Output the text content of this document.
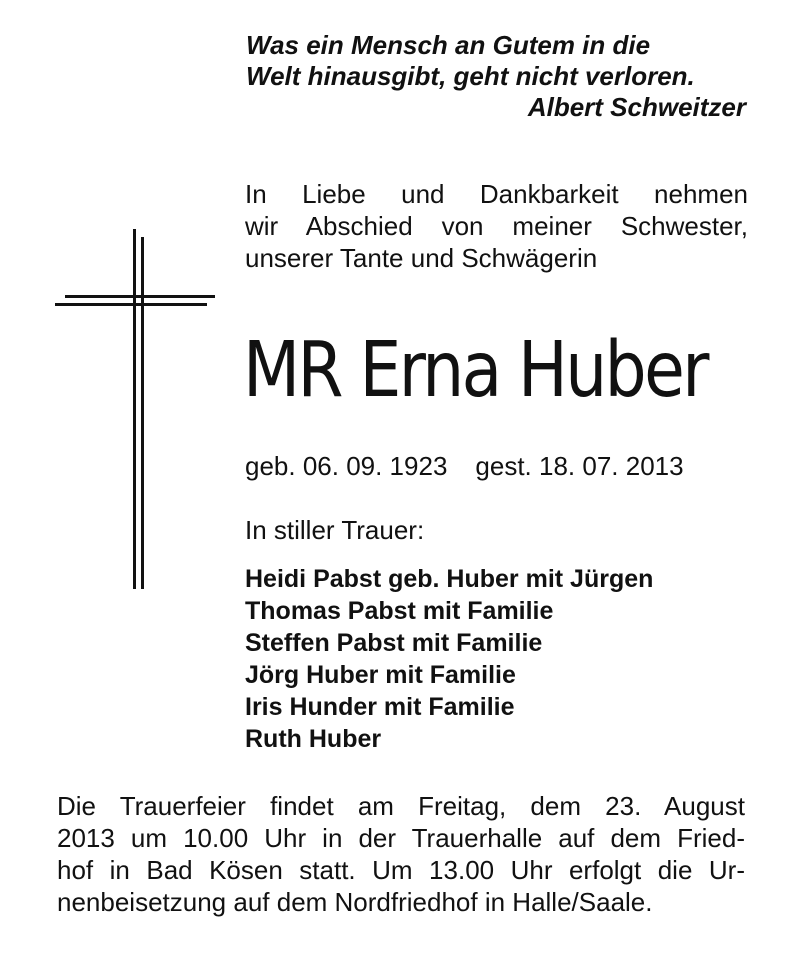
Was ein Mensch an Gutem in die
Welt hinausgibt, geht nicht verloren.
Albert Schweitzer
In Liebe und Dankbarkeit nehmen
wir Abschied von meiner Schwester,
unserer Tante und Schwägerin
MR Erna Huber
geb. 06. 09. 1923 gest. 18. 07. 2013
In stiller Trauer:
Heidi Pabst geb. Huber mit Jürgen
Thomas Pabst mit Familie
Steffen Pabst mit Familie
Jörg Huber mit Familie
Iris Hunder mit Familie
Ruth Huber
Die Trauerfeier findet am Freitag, dem 23. August
2013 um 10.00 Uhr in der Trauerhalle auf dem Fried-
hof in Bad Kösen statt. Um 13.00 Uhr erfolgt die Ur-
nenbeisetzung auf dem Nordfriedhof in Halle/Saale.
